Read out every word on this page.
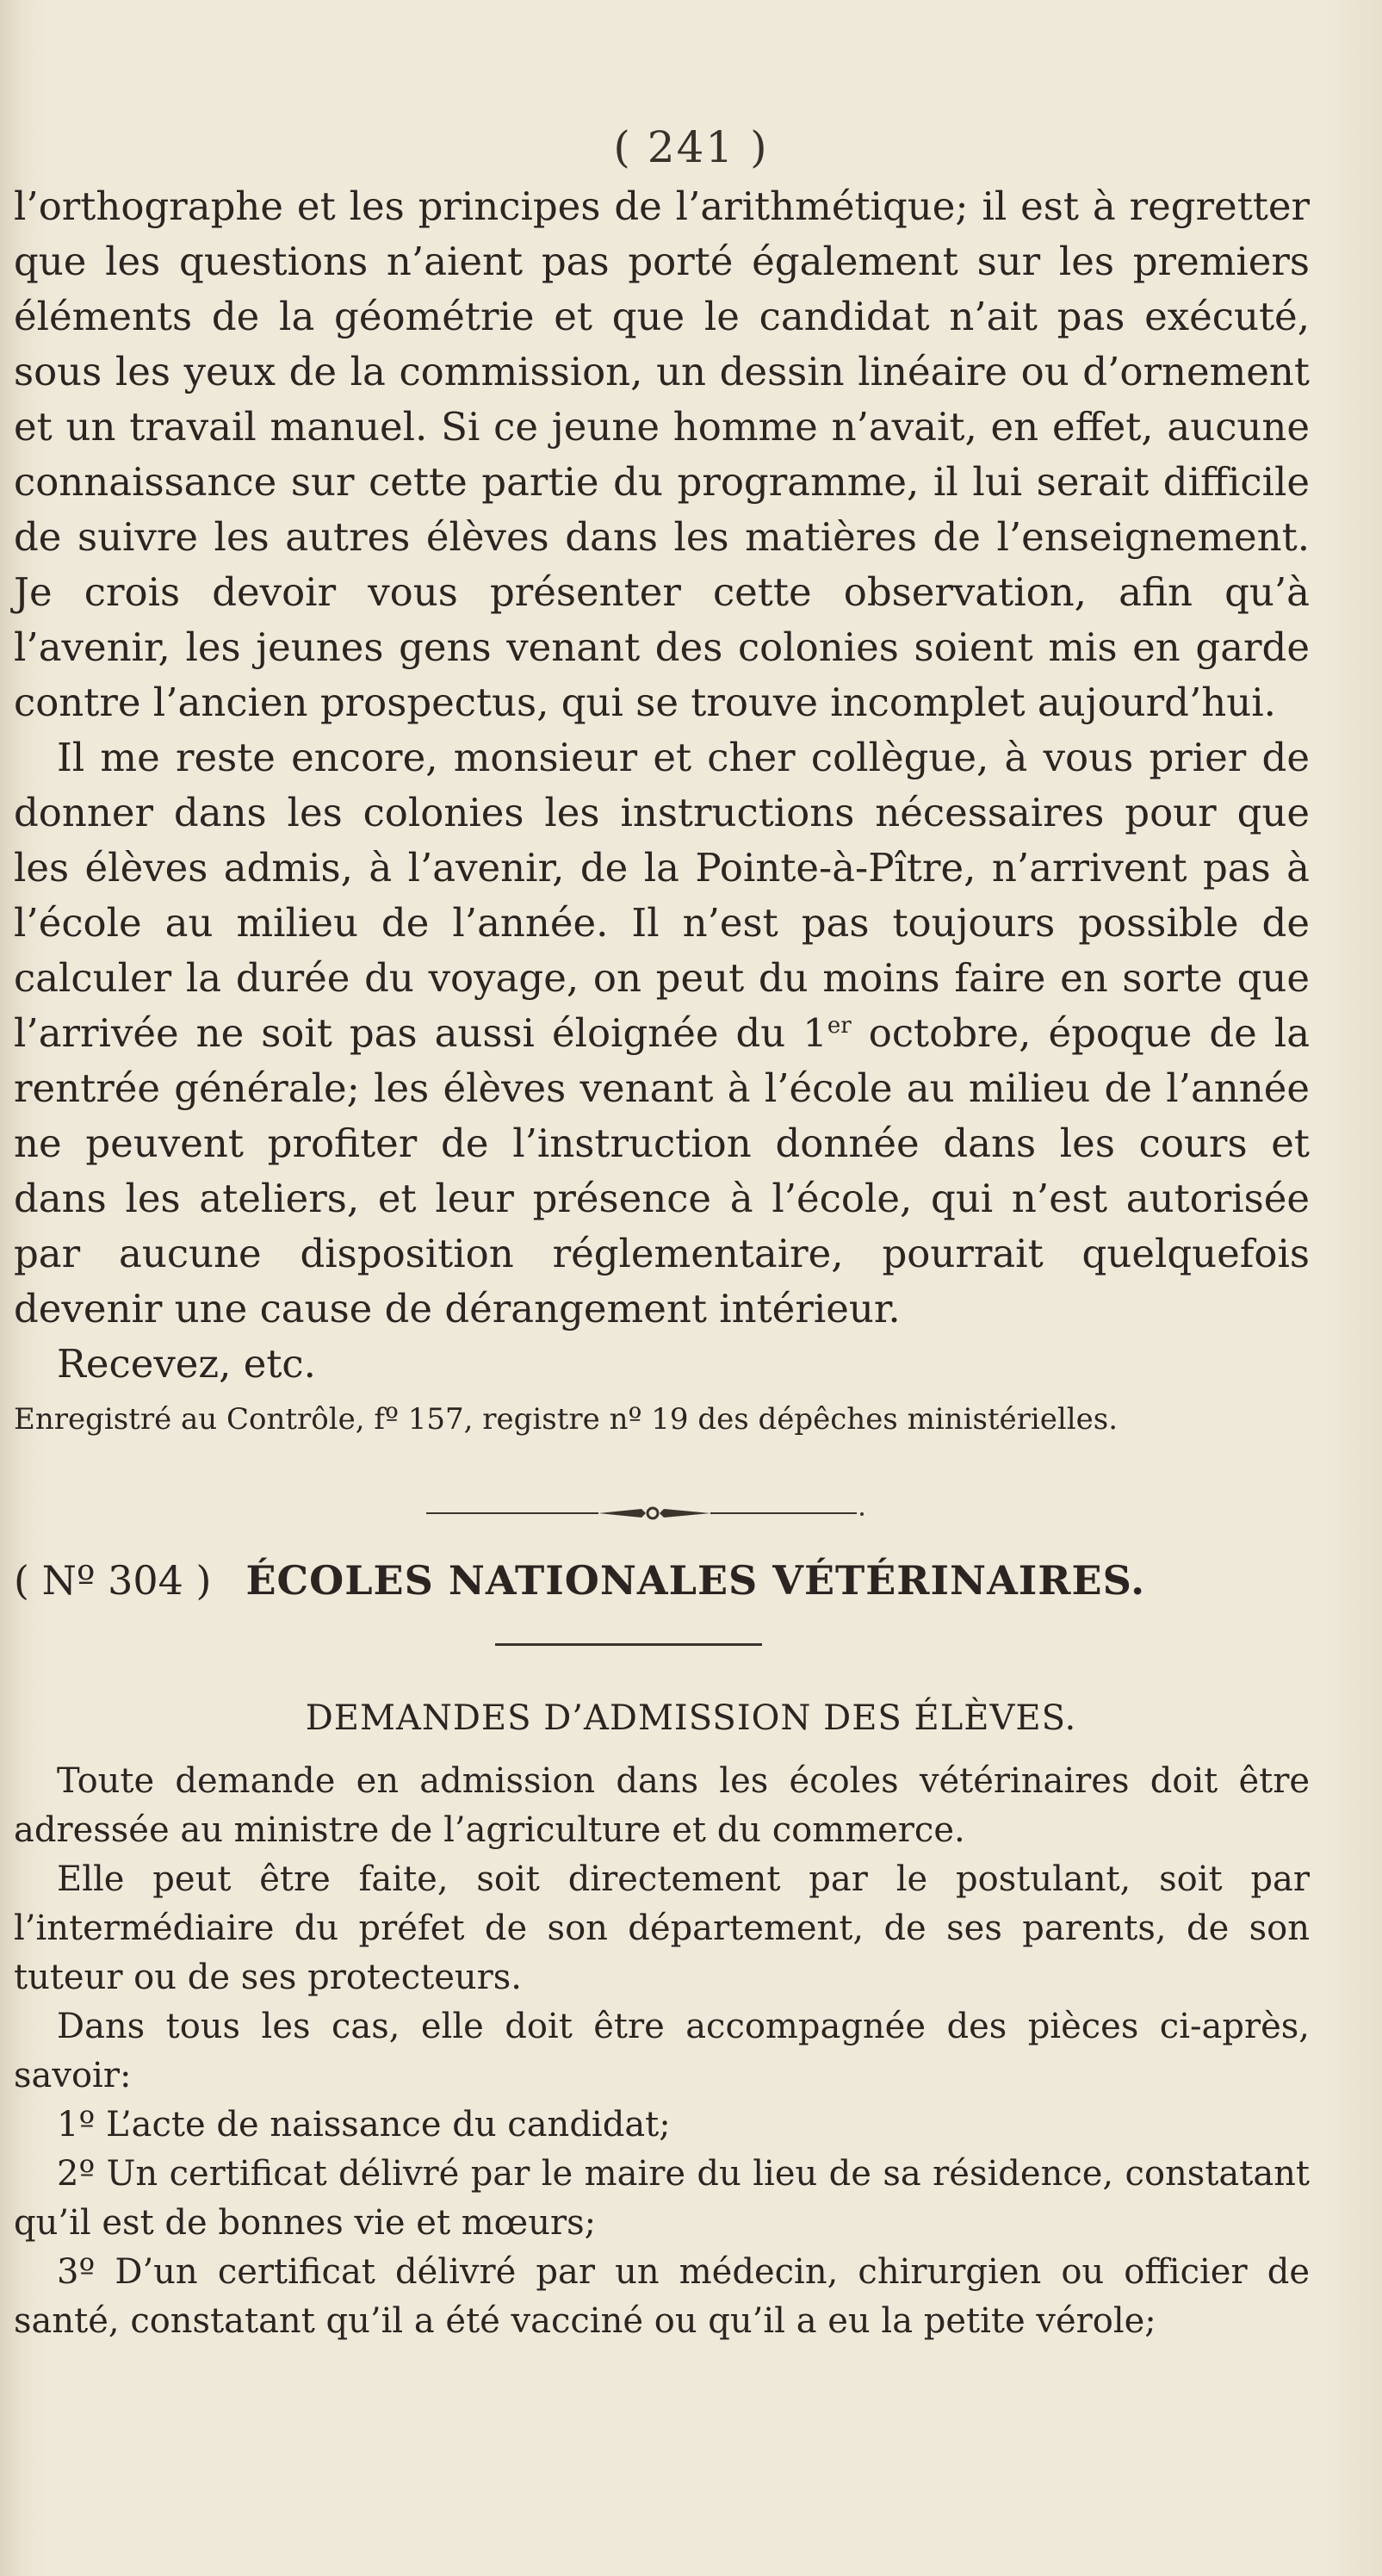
( 241 )

l’orthographe et les principes de l’arithmétique; il est à regretter que les questions n’aient pas porté également sur les premiers éléments de la géométrie et que le candidat n’ait pas exécuté, sous les yeux de la commission, un dessin linéaire ou d’ornement et un travail manuel. Si ce jeune homme n’avait, en effet, aucune connaissance sur cette partie du programme, il lui serait difficile de suivre les autres élèves dans les matières de l’enseignement. Je crois devoir vous présenter cette observation, afin qu’à l’avenir, les jeunes gens venant des colonies soient mis en garde contre l’ancien prospectus, qui se trouve incomplet aujourd’hui.

Il me reste encore, monsieur et cher collègue, à vous prier de donner dans les colonies les instructions nécessaires pour que les élèves admis, à l’avenir, de la Pointe-à-Pître, n’arrivent pas à l’école au milieu de l’année. Il n’est pas toujours possible de calculer la durée du voyage, on peut du moins faire en sorte que l’arrivée ne soit pas aussi éloignée du 1er octobre, époque de la rentrée générale; les élèves venant à l’école au milieu de l’année ne peuvent profiter de l’instruction donnée dans les cours et dans les ateliers, et leur présence à l’école, qui n’est autorisée par aucune disposition réglementaire, pourrait quelquefois devenir une cause de dérangement intérieur.

Recevez, etc.

Enregistré au Contrôle, fº 157, registre nº 19 des dépêches ministérielles.

( Nº 304 ) ÉCOLES NATIONALES VÉTÉRINAIRES.
DEMANDES D’ADMISSION DES ÉLÈVES.

Toute demande en admission dans les écoles vétérinaires doit être adressée au ministre de l’agriculture et du commerce.

Elle peut être faite, soit directement par le postulant, soit par l’intermédiaire du préfet de son département, de ses parents, de son tuteur ou de ses protecteurs.

Dans tous les cas, elle doit être accompagnée des pièces ci-après, savoir:

1º L’acte de naissance du candidat;

2º Un certificat délivré par le maire du lieu de sa résidence, constatant qu’il est de bonnes vie et mœurs;

3º D’un certificat délivré par un médecin, chirurgien ou officier de santé, constatant qu’il a été vacciné ou qu’il a eu la petite vérole;
